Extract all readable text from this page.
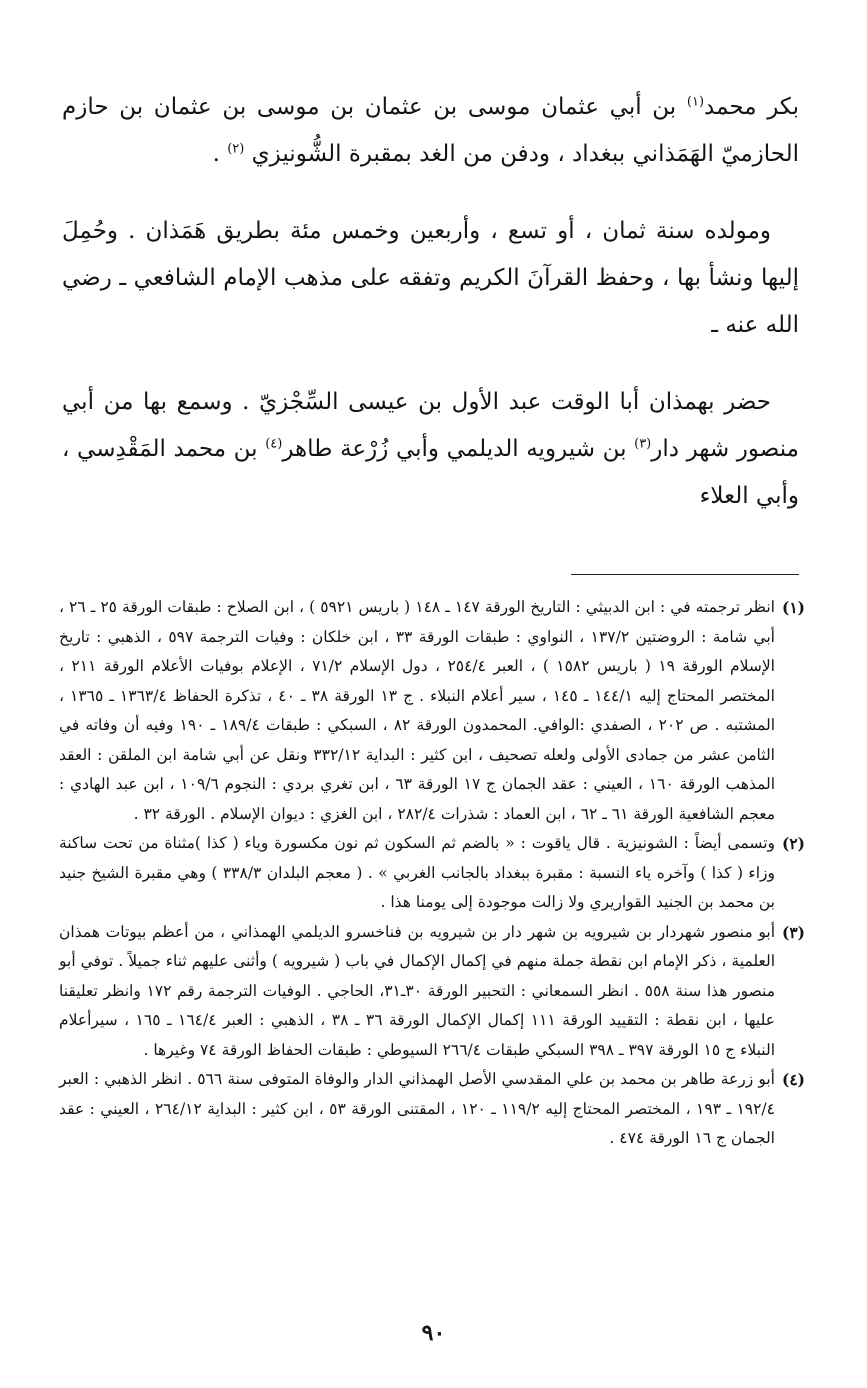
بكر محمد$^{(١)}$ بن أبي عثمان موسى بن عثمان بن موسى بن عثمان بن حازم الحازميّ الهَمَذاني ببغداد ، ودفن من الغد بمقبرة الشُّونيزي $^{(٢)}$ .

ومولده سنة ثمان ، أو تسع ، وأربعين وخمس مئة بطريق هَمَذان . وحُمِلَ إليها ونشأ بها ، وحفظ القرآنَ الكريم وتفقه على مذهب الإمام الشافعي ـ رضي الله عنه ـ

حضر بهمذان أبا الوقت عبد الأول بن عيسى السِّجْزيّ . وسمع بها من أبي منصور شهر دار$^{(٣)}$ بن شيرويه الديلمي وأبي زُرْعة طاهر$^{(٤)}$ بن محمد المَقْدِسي ، وأبي العلاء

(١)
انظر ترجمته في : ابن الدبيثي : التاريخ الورقة ١٤٧ ـ ١٤٨ ( باريس ٥٩٢١ ) ، ابن الصلاح : طبقات الورقة ٢٥ ـ ٢٦ ، أبي شامة : الروضتين ١٣٧/٢ ، النواوي : طبقات الورقة ٣٣ ، ابن خلكان : وفيات الترجمة ٥٩٧ ، الذهبي : تاريخ الإسلام الورقة ١٩ ( باريس ١٥٨٢ ) ، العبر ٢٥٤/٤ ، دول الإسلام ٧١/٢ ، الإعلام بوفيات الأعلام الورقة ٢١١ ، المختصر المحتاج إليه ١٤٤/١ ـ ١٤٥ ، سير أعلام النبلاء . ج ١٣ الورقة ٣٨ ـ ٤٠ ، تذكرة الحفاظ ١٣٦٣/٤ ـ ١٣٦٥ ، المشتبه . ص ٢٠٢ ، الصفدي :الوافي. المحمدون الورقة ٨٢ ، السبكي : طبقات ١٨٩/٤ ـ ١٩٠ وفيه أن وفاته في الثامن عشر من جمادى الأولى ولعله تصحيف ، ابن كثير : البداية ٣٣٢/١٢ ونقل عن أبي شامة ابن الملقن : العقد المذهب الورقة ١٦٠ ، العيني : عقد الجمان ج ١٧ الورقة ٦٣ ، ابن تغري بردي : النجوم ١٠٩/٦ ، ابن عبد الهادي : معجم الشافعية الورقة ٦١ ـ ٦٢ ، ابن العماد : شذرات ٢٨٢/٤ ، ابن الغزي : ديوان الإسلام . الورقة ٣٢ .

(٢)
وتسمى أيضاً : الشونيزية . قال ياقوت : « بالضم ثم السكون ثم نون مكسورة وياء ( كذا )مثناة من تحت ساكنة وزاء ( كذا ) وآخره ياء النسبة : مقبرة ببغداد بالجانب الغربي » . ( معجم البلدان ٣٣٨/٣ ) وهي مقبرة الشيخ جنيد بن محمد بن الجنيد القواريري ولا زالت موجودة إلى يومنا هذا .

(٣)
أبو منصور شهردار بن شيرويه بن شهر دار بن شيرويه بن فناخسرو الديلمي الهمذاني ، من أعظم بيوتات همذان العلمية ، ذكر الإمام ابن نقطة جملة منهم في إكمال الإكمال في باب ( شيرويه ) وأثنى عليهم ثناء جميلاً . توفي أبو منصور هذا سنة ٥٥٨ . انظر السمعاني : التحبير الورقة ٣٠ـ٣١، الحاجي . الوفيات الترجمة رقم ١٧٢ وانظر تعليقنا عليها ، ابن نقطة : التقييد الورقة ١١١ إكمال الإكمال الورقة ٣٦ ـ ٣٨ ، الذهبي : العبر ١٦٤/٤ ـ ١٦٥ ، سيرأعلام النبلاء ج ١٥ الورقة ٣٩٧ ـ ٣٩٨ السبكي طبقات ٢٦٦/٤ السيوطي : طبقات الحفاظ الورقة ٧٤ وغيرها .

(٤)
أبو زرعة طاهر بن محمد بن علي المقدسي الأصل الهمذاني الدار والوفاة المتوفى سنة ٥٦٦ . انظر الذهبي : العبر ١٩٢/٤ ـ ١٩٣ ، المختصر المحتاج إليه ١١٩/٢ ـ ١٢٠ ، المقتنى الورقة ٥٣ ، ابن كثير : البداية ٢٦٤/١٢ ، العيني : عقد الجمان ج ١٦ الورقة ٤٧٤ .

٩٠
